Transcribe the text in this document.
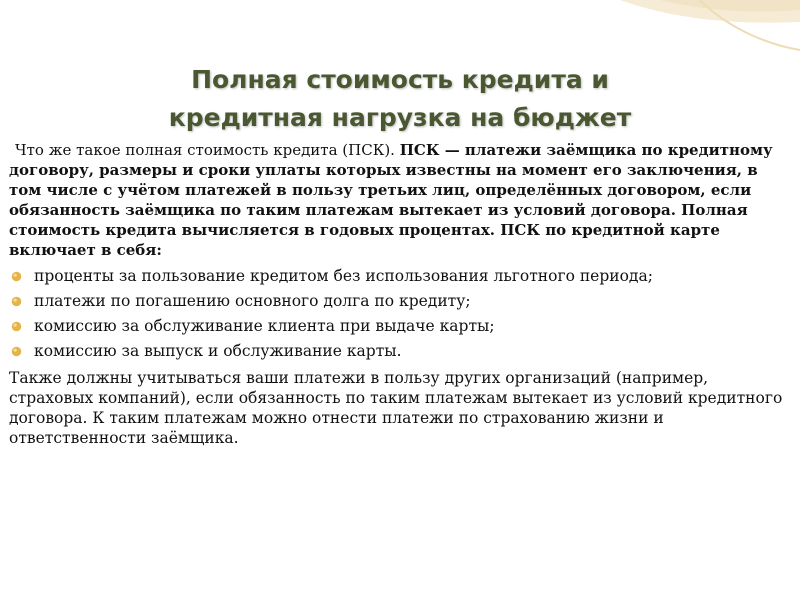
Полная стоимость кредита и
кредитная нагрузка на бюджет

Что же такое полная стоимость кредита (ПСК). ПСК — платежи заёмщика по кредитному договору, размеры и сроки уплаты которых известны на момент его заключения, в том числе с учётом платежей в пользу третьих лиц, определённых договором, если обязанность заёмщика по таким платежам вытекает из условий договора. Полная стоимость кредита вычисляется в годовых процентах. ПСК по кредитной карте включает в себя:

проценты за пользование кредитом без использования льготного периода;
платежи по погашению основного долга по кредиту;
комиссию за обслуживание клиента при выдаче карты;
комиссию за выпуск и обслуживание карты.

Также должны учитываться ваши платежи в пользу других организаций (например, страховых компаний), если обязанность по таким платежам вытекает из условий кредитного договора. К таким платежам можно отнести платежи по страхованию жизни и ответственности заёмщика.
